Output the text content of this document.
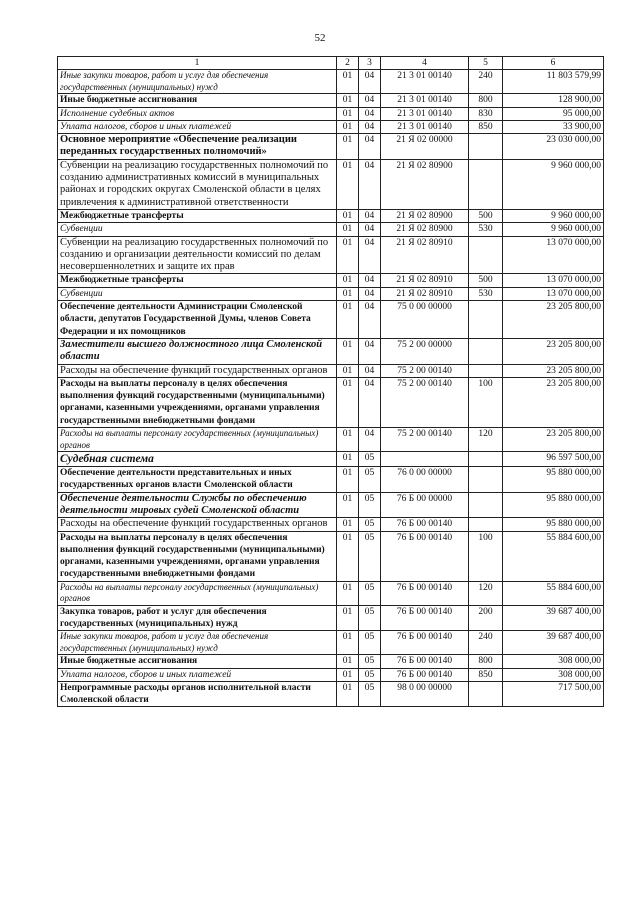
52
1	2	3	4	5	6
Иные закупки товаров, работ и услуг для обеспечения государственных (муниципальных) нужд	01	04	21 3 01 00140	240	11 803 579,99
Иные бюджетные ассигнования	01	04	21 3 01 00140	800	128 900,00
Исполнение судебных актов	01	04	21 3 01 00140	830	95 000,00
Уплата налогов, сборов и иных платежей	01	04	21 3 01 00140	850	33 900,00
Основное мероприятие «Обеспечение реализации переданных государственных полномочий»	01	04	21 Я 02 00000		23 030 000,00
Субвенции на реализацию государственных полномочий по созданию административных комиссий в муниципальных районах и городских округах Смоленской области в целях привлечения к административной ответственности	01	04	21 Я 02 80900		9 960 000,00
Межбюджетные трансферты	01	04	21 Я 02 80900	500	9 960 000,00
Субвенции	01	04	21 Я 02 80900	530	9 960 000,00
Субвенции на реализацию государственных полномочий по созданию и организации деятельности комиссий по делам несовершеннолетних и защите их прав	01	04	21 Я 02 80910		13 070 000,00
Межбюджетные трансферты	01	04	21 Я 02 80910	500	13 070 000,00
Субвенции	01	04	21 Я 02 80910	530	13 070 000,00
Обеспечение деятельности Администрации Смоленской области, депутатов Государственной Думы, членов Совета Федерации и их помощников	01	04	75 0 00 00000		23 205 800,00
Заместители высшего должностного лица Смоленской области	01	04	75 2 00 00000		23 205 800,00
Расходы на обеспечение функций государственных органов	01	04	75 2 00 00140		23 205 800,00
Расходы на выплаты персоналу в целях обеспечения выполнения функций государственными (муниципальными) органами, казенными учреждениями, органами управления государственными внебюджетными фондами	01	04	75 2 00 00140	100	23 205 800,00
Расходы на выплаты персоналу государственных (муниципальных) органов	01	04	75 2 00 00140	120	23 205 800,00
Судебная система	01	05			96 597 500,00
Обеспечение деятельности представительных и иных государственных органов власти Смоленской области	01	05	76 0 00 00000		95 880 000,00
Обеспечение деятельности Службы по обеспечению деятельности мировых судей Смоленской области	01	05	76 Б 00 00000		95 880 000,00
Расходы на обеспечение функций государственных органов	01	05	76 Б 00 00140		95 880 000,00
Расходы на выплаты персоналу в целях обеспечения выполнения функций государственными (муниципальными) органами, казенными учреждениями, органами управления государственными внебюджетными фондами	01	05	76 Б 00 00140	100	55 884 600,00
Расходы на выплаты персоналу государственных (муниципальных) органов	01	05	76 Б 00 00140	120	55 884 600,00
Закупка товаров, работ и услуг для обеспечения государственных (муниципальных) нужд	01	05	76 Б 00 00140	200	39 687 400,00
Иные закупки товаров, работ и услуг для обеспечения государственных (муниципальных) нужд	01	05	76 Б 00 00140	240	39 687 400,00
Иные бюджетные ассигнования	01	05	76 Б 00 00140	800	308 000,00
Уплата налогов, сборов и иных платежей	01	05	76 Б 00 00140	850	308 000,00
Непрограммные расходы органов исполнительной власти Смоленской области	01	05	98 0 00 00000		717 500,00
